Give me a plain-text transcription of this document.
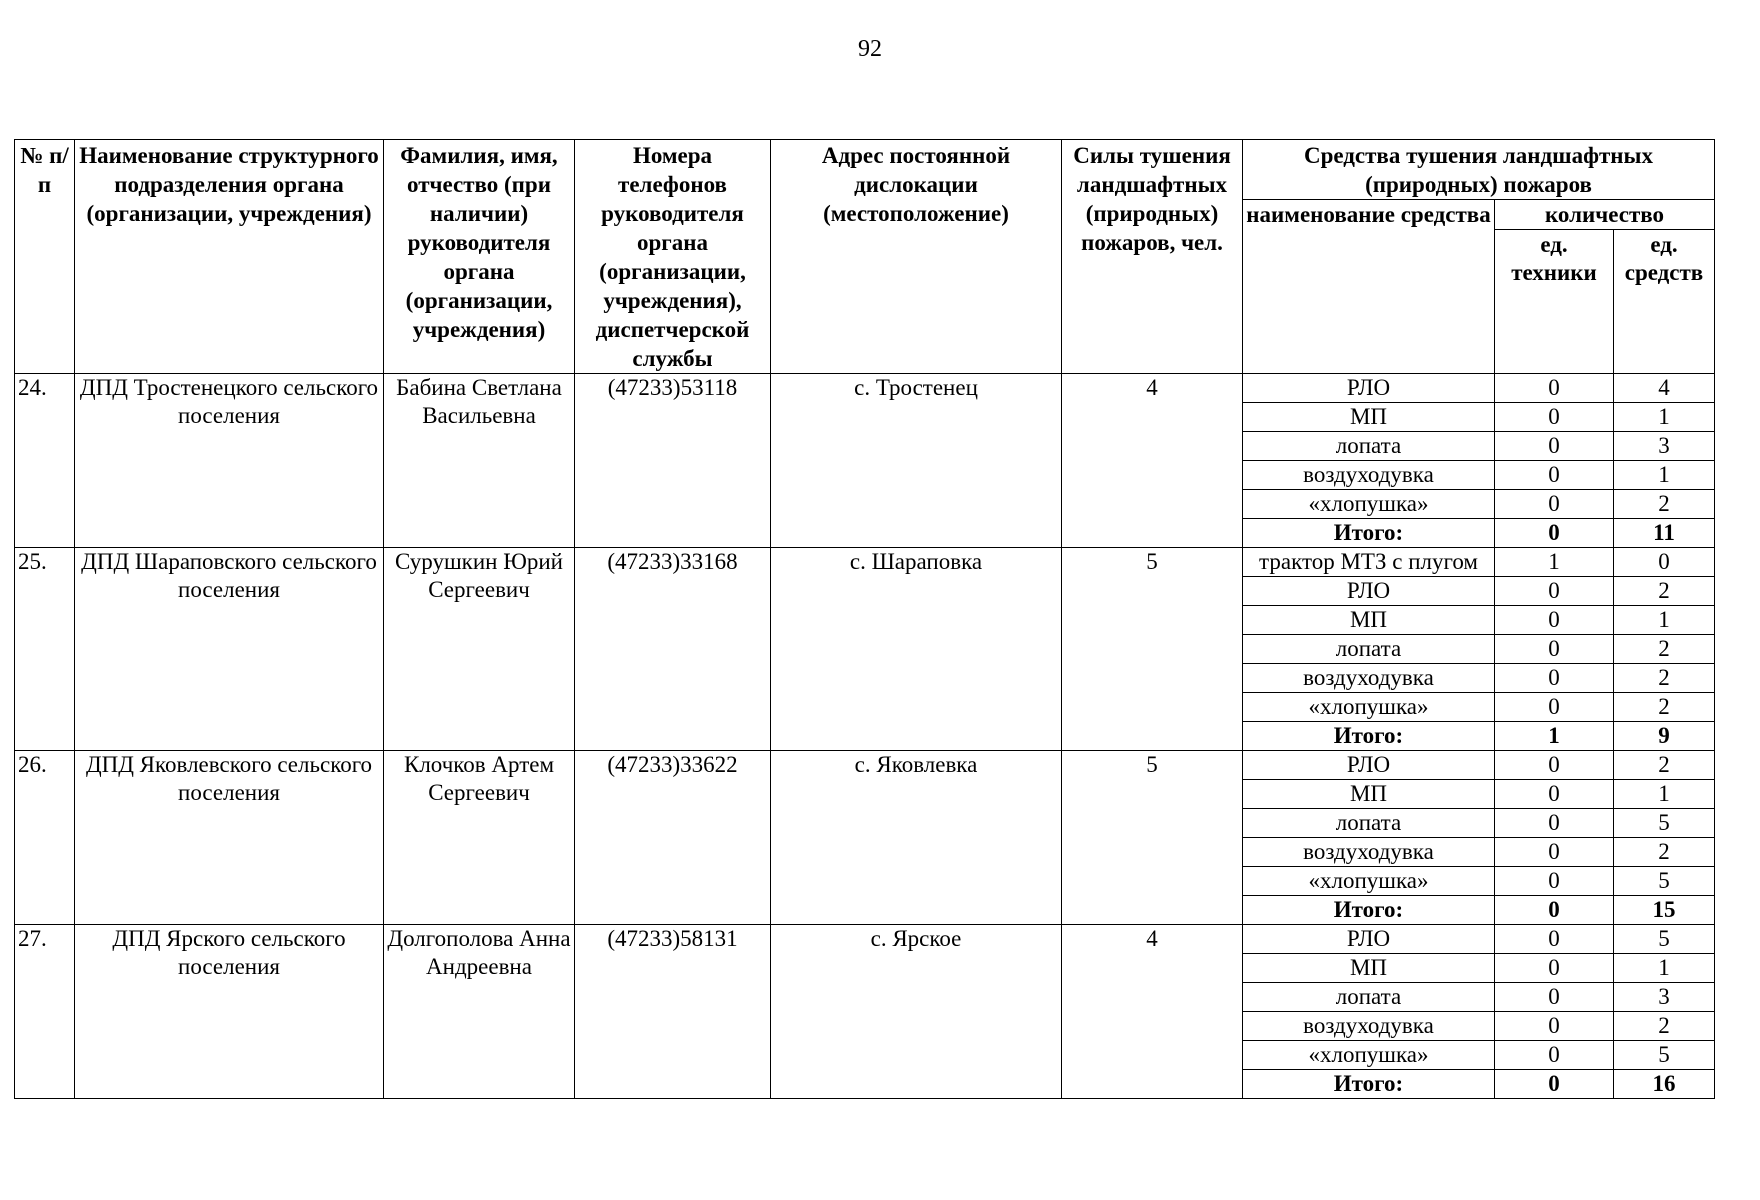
92
№ п/п	Наименование структурного подразделения органа (организации, учреждения)	Фамилия, имя, отчество (при наличии) руководителя органа (организации, учреждения)	Номера телефонов руководителя органа (организации, учреждения), диспетчерской службы	Адрес постоянной дислокации (местоположение)	Силы тушения ландшафтных (природных) пожаров, чел.	Средства тушения ландшафтных (природных) пожаров		
						наименование средства	количество	
							ед. техники	ед. средств
24.	ДПД Тростенецкого сельского поселения	Бабина Светлана Васильевна	(47233)53118	с. Тростенец	4	РЛО	0	4
						МП	0	1
						лопата	0	3
						воздуходувка	0	1
						«хлопушка»	0	2
						Итого:	0	11
25.	ДПД Шараповского сельского поселения	Сурушкин Юрий Сергеевич	(47233)33168	с. Шараповка	5	трактор МТЗ с плугом	1	0
						РЛО	0	2
						МП	0	1
						лопата	0	2
						воздуходувка	0	2
						«хлопушка»	0	2
						Итого:	1	9
26.	ДПД Яковлевского сельского поселения	Клочков Артем Сергеевич	(47233)33622	с. Яковлевка	5	РЛО	0	2
						МП	0	1
						лопата	0	5
						воздуходувка	0	2
						«хлопушка»	0	5
						Итого:	0	15
27.	ДПД Ярского сельского поселения	Долгополова Анна Андреевна	(47233)58131	с. Ярское	4	РЛО	0	5
						МП	0	1
						лопата	0	3
						воздуходувка	0	2
						«хлопушка»	0	5
						Итого:	0	16
